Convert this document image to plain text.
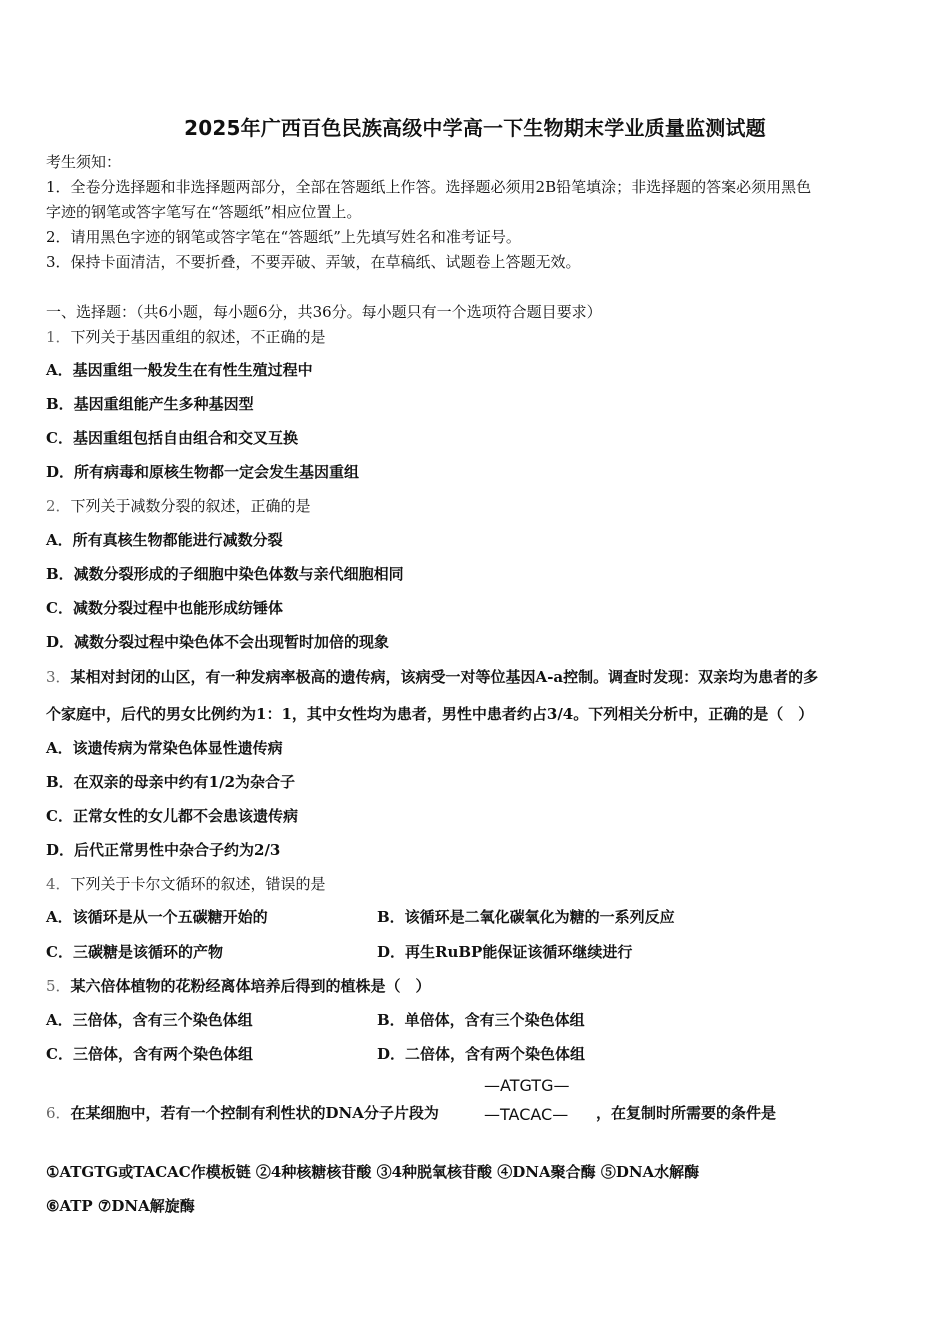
2025年广西百色民族高级中学高一下生物期末学业质量监测试题
考生须知：
1．全卷分选择题和非选择题两部分，全部在答题纸上作答。选择题必须用2B铅笔填涂；非选择题的答案必须用黑色
字迹的钢笔或答字笔写在“答题纸”相应位置上。
2．请用黑色字迹的钢笔或答字笔在“答题纸”上先填写姓名和准考证号。
3．保持卡面清洁，不要折叠，不要弄破、弄皱，在草稿纸、试题卷上答题无效。
一、选择题：（共6小题，每小题6分，共36分。每小题只有一个选项符合题目要求）
1．下列关于基因重组的叙述，不正确的是
A．基因重组一般发生在有性生殖过程中
B．基因重组能产生多种基因型
C．基因重组包括自由组合和交叉互换
D．所有病毒和原核生物都一定会发生基因重组
2．下列关于减数分裂的叙述，正确的是
A．所有真核生物都能进行减数分裂
B．减数分裂形成的子细胞中染色体数与亲代细胞相同
C．减数分裂过程中也能形成纺锤体
D．减数分裂过程中染色体不会出现暂时加倍的现象
3．某相对封闭的山区，有一种发病率极高的遗传病，该病受一对等位基因A-a控制。调查时发现：双亲均为患者的多
个家庭中，后代的男女比例约为1：1，其中女性均为患者，男性中患者约占3/4。下列相关分析中，正确的是（　）
A．该遗传病为常染色体显性遗传病
B．在双亲的母亲中约有1/2为杂合子
C．正常女性的女儿都不会患该遗传病
D．后代正常男性中杂合子约为2/3
4．下列关于卡尔文循环的叙述，错误的是
A．该循环是从一个五碳糖开始的	B．该循环是二氧化碳氧化为糖的一系列反应
C．三碳糖是该循环的产物	D．再生RuBP能保证该循环继续进行
5．某六倍体植物的花粉经离体培养后得到的植株是（　）
A．三倍体，含有三个染色体组	B．单倍体，含有三个染色体组
C．三倍体，含有两个染色体组	D．二倍体，含有两个染色体组
6．在某细胞中，若有一个控制有利性状的DNA分子片段为
—ATGTG—
—TACAC— ，在复制时所需要的条件是
①ATGTG或TACAC作模板链 ②4种核糖核苷酸 ③4种脱氧核苷酸 ④DNA聚合酶 ⑤DNA水解酶
⑥ATP ⑦DNA解旋酶
